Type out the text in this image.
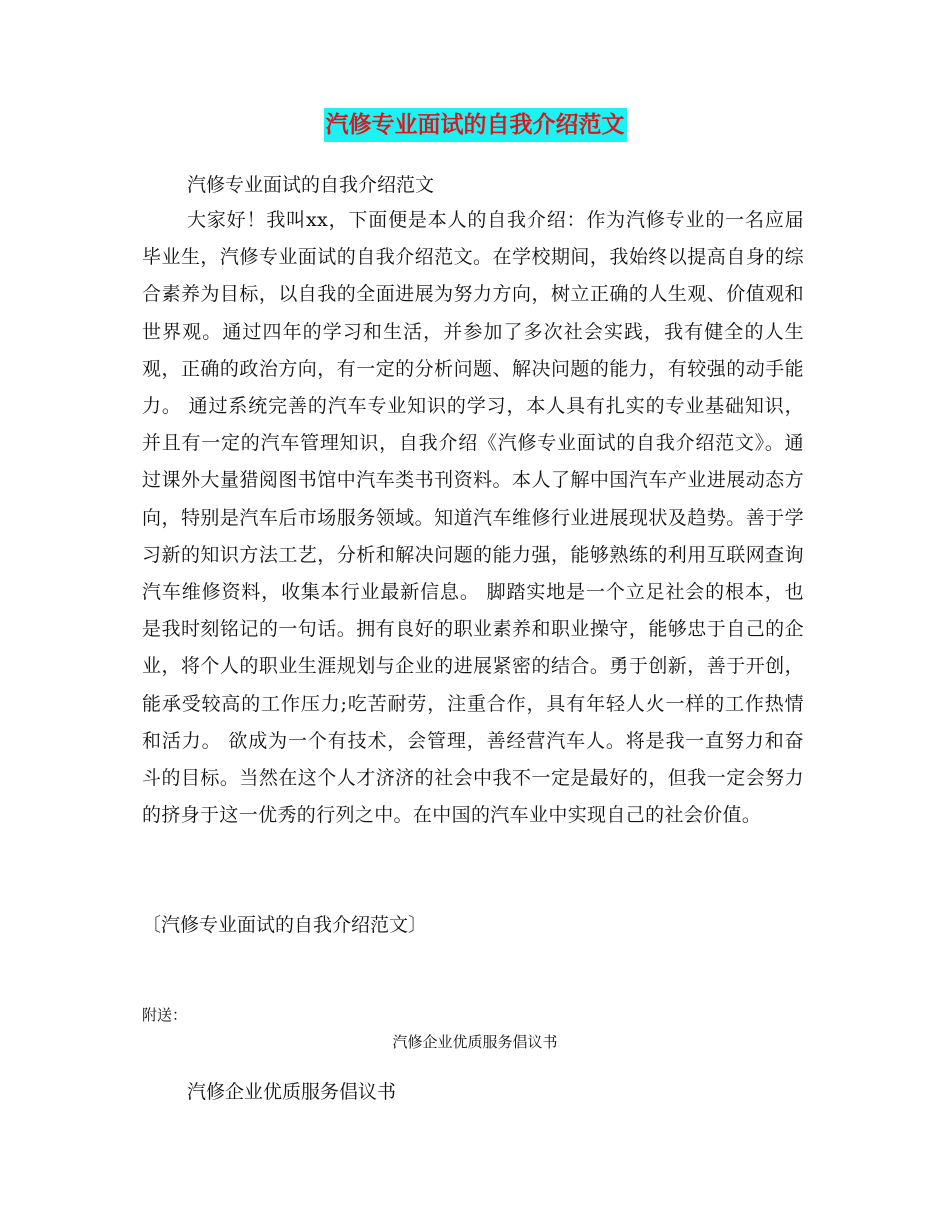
汽修专业面试的自我介绍范文
汽修专业面试的自我介绍范文

大家好！我叫xx，下面便是本人的自我介绍：作为汽修专业的一名应届毕业生，汽修专业面试的自我介绍范文。在学校期间，我始终以提高自身的综合素养为目标，以自我的全面进展为努力方向，树立正确的人生观、价值观和世界观。通过四年的学习和生活，并参加了多次社会实践，我有健全的人生观，正确的政治方向，有一定的分析问题、解决问题的能力，有较强的动手能力。 通过系统完善的汽车专业知识的学习，本人具有扎实的专业基础知识，并且有一定的汽车管理知识，自我介绍《汽修专业面试的自我介绍范文》。通过课外大量猎阅图书馆中汽车类书刊资料。本人了解中国汽车产业进展动态方向，特别是汽车后市场服务领域。知道汽车维修行业进展现状及趋势。善于学习新的知识方法工艺，分析和解决问题的能力强，能够熟练的利用互联网查询汽车维修资料，收集本行业最新信息。 脚踏实地是一个立足社会的根本，也是我时刻铭记的一句话。拥有良好的职业素养和职业操守，能够忠于自己的企业，将个人的职业生涯规划与企业的进展紧密的结合。勇于创新，善于开创，能承受较高的工作压力;吃苦耐劳，注重合作，具有年轻人火一样的工作热情和活力。 欲成为一个有技术，会管理，善经营汽车人。将是我一直努力和奋斗的目标。当然在这个人才济济的社会中我不一定是最好的，但我一定会努力的挤身于这一优秀的行列之中。在中国的汽车业中实现自己的社会价值。

〔汽修专业面试的自我介绍范文〕
附送：
汽修企业优质服务倡议书
汽修企业优质服务倡议书
